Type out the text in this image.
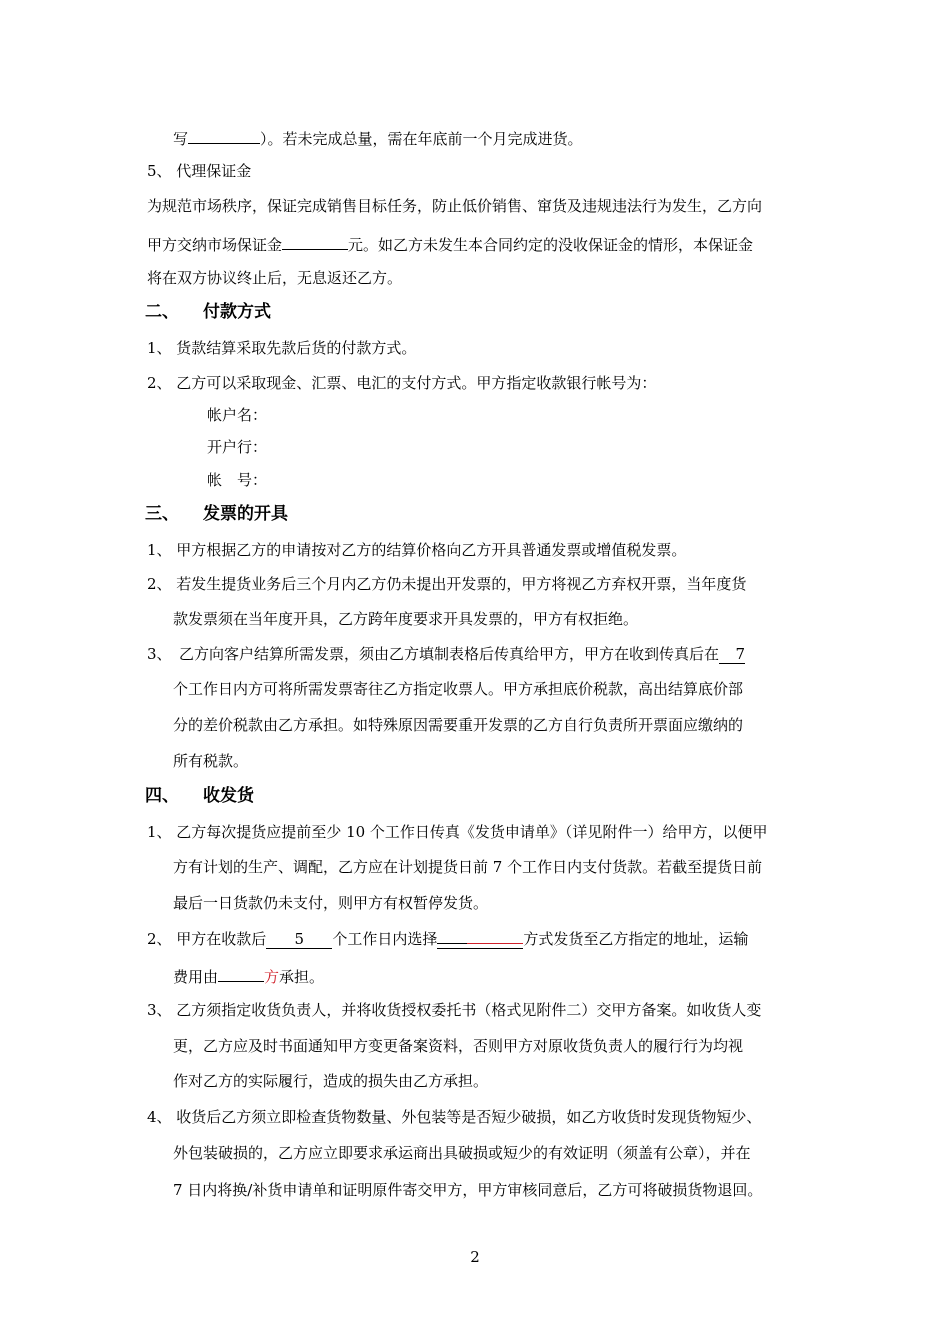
写	）。若未完成总量，需在年底前一个月完成进货。
5、 代理保证金
为规范市场秩序，保证完成销售目标任务，防止低价销售、窜货及违规违法行为发生，乙方向
甲方交纳市场保证金	元。如乙方未发生本合同约定的没收保证金的情形，本保证金
将在双方协议终止后，无息返还乙方。
二、 付款方式
1、 货款结算采取先款后货的付款方式。
2、 乙方可以采取现金、汇票、电汇的支付方式。甲方指定收款银行帐号为：
帐户名：
开户行：
帐　号：
三、 发票的开具
1、 甲方根据乙方的申请按对乙方的结算价格向乙方开具普通发票或增值税发票。
2、 若发生提货业务后三个月内乙方仍未提出开发票的，甲方将视乙方弃权开票，当年度货
款发票须在当年度开具，乙方跨年度要求开具发票的，甲方有权拒绝。
3、　乙方向客户结算所需发票，须由乙方填制表格后传真给甲方，甲方在收到传真后在 7
个工作日内方可将所需发票寄往乙方指定收票人。甲方承担底价税款，高出结算底价部
分的差价税款由乙方承担。如特殊原因需要重开发票的乙方自行负责所开票面应缴纳的
所有税款。
四、 收发货
1、 乙方每次提货应提前至少 10 个工作日传真《发货申请单》（详见附件一）给甲方，以便甲
方有计划的生产、调配，乙方应在计划提货日前 7 个工作日内支付货款。若截至提货日前
最后一日货款仍未支付，则甲方有权暂停发货。
2、 甲方在收款后 5 个工作日内选择	方式发货至乙方指定的地址，运输
费用由	方承担。
3、 乙方须指定收货负责人，并将收货授权委托书（格式见附件二）交甲方备案。如收货人变
更，乙方应及时书面通知甲方变更备案资料，否则甲方对原收货负责人的履行行为均视
作对乙方的实际履行，造成的损失由乙方承担。
4、 收货后乙方须立即检查货物数量、外包装等是否短少破损，如乙方收货时发现货物短少、
外包装破损的，乙方应立即要求承运商出具破损或短少的有效证明（须盖有公章），并在
7 日内将换/补货申请单和证明原件寄交甲方，甲方审核同意后，乙方可将破损货物退回。
2
